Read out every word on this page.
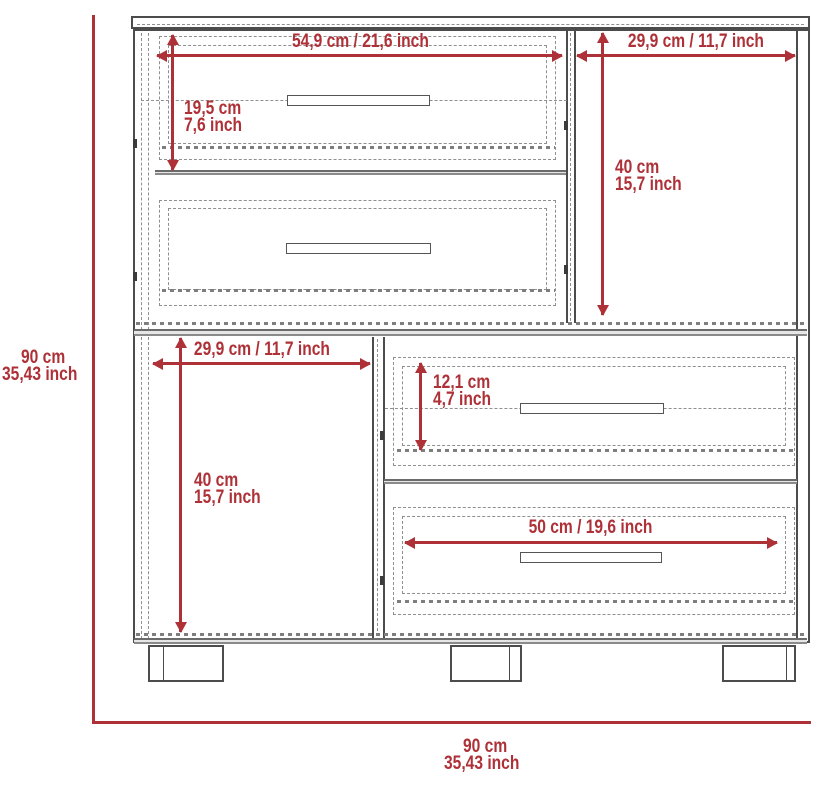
90 cm
35,43 inch
90 cm
35,43 inch
54,9 cm / 21,6 inch	29,9 cm / 11,7 inch
19,5 cm
7,6 inch
40 cm
15,7 inch
29,9 cm / 11,7 inch
40 cm
15,7 inch
12,1 cm
4,7 inch
50 cm / 19,6 inch
